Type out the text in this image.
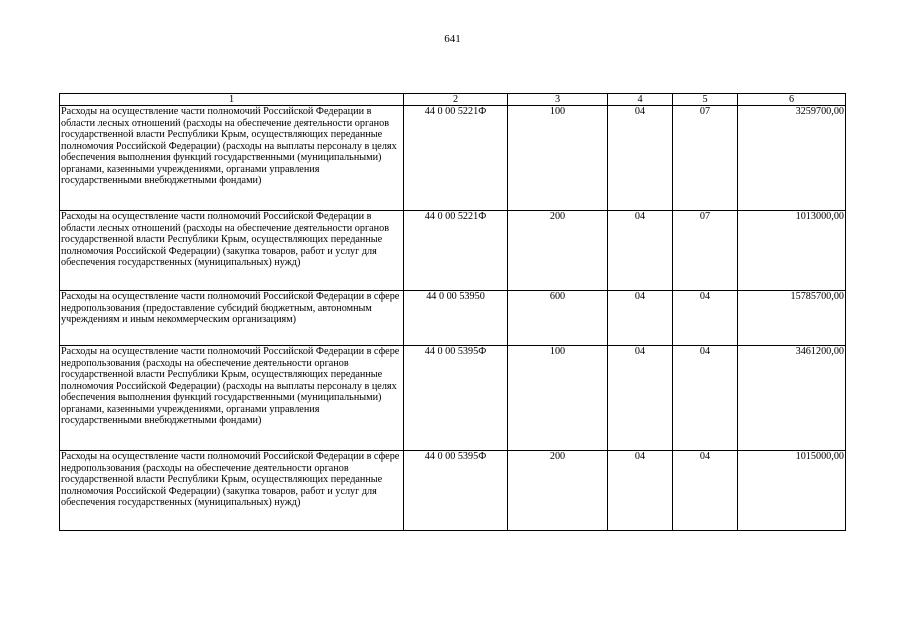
641
1	2	3	4	5	6
Расходы на осуществление части полномочий Российской Федерации в области лесных отношений (расходы на обеспечение деятельности органов государственной власти Республики Крым, осуществляющих переданные полномочия Российской Федерации) (расходы на выплаты персоналу в целях обеспечения выполнения функций государственными (муниципальными) органами, казенными учреждениями, органами управления государственными внебюджетными фондами)	44 0 00 5221Ф	100	04	07	3259700,00
Расходы на осуществление части полномочий Российской Федерации в области лесных отношений (расходы на обеспечение деятельности органов государственной власти Республики Крым, осуществляющих переданные полномочия Российской Федерации) (закупка товаров, работ и услуг для обеспечения государственных (муниципальных) нужд)	44 0 00 5221Ф	200	04	07	1013000,00
Расходы на осуществление части полномочий Российской Федерации в сфере недропользования (предоставление субсидий бюджетным, автономным учреждениям и иным некоммерческим организациям)	44 0 00 53950	600	04	04	15785700,00
Расходы на осуществление части полномочий Российской Федерации в сфере недропользования (расходы на обеспечение деятельности органов государственной власти Республики Крым, осуществляющих переданные полномочия Российской Федерации) (расходы на выплаты персоналу в целях обеспечения выполнения функций государственными (муниципальными) органами, казенными учреждениями, органами управления государственными внебюджетными фондами)	44 0 00 5395Ф	100	04	04	3461200,00
Расходы на осуществление части полномочий Российской Федерации в сфере недропользования (расходы на обеспечение деятельности органов государственной власти Республики Крым, осуществляющих переданные полномочия Российской Федерации) (закупка товаров, работ и услуг для обеспечения государственных (муниципальных) нужд)	44 0 00 5395Ф	200	04	04	1015000,00
